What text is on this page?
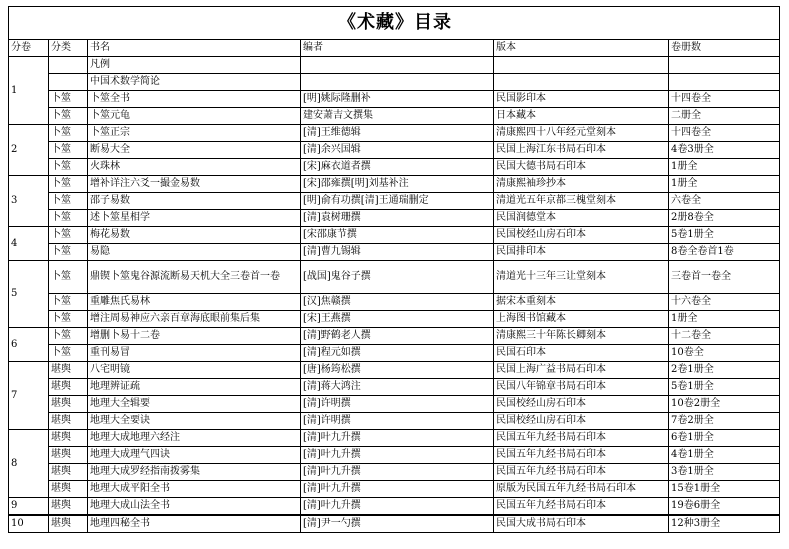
《术藏》目录					
分卷	分类	书名	编者	版本	卷册数
1		凡例			
		中国术数学简论			
	卜筮	卜筮全书	[明]姚际隆删补	民国影印本	十四卷全
	卜筮	卜筮元龟	建安萧吉文撰集	日本藏本	二册全
2	卜筮	卜筮正宗	[清]王维德辑	清康熙四十八年经元堂刻本	十四卷全
	卜筮	断易大全	[清]余兴国辑	民国上海江东书局石印本	4卷3册全
	卜筮	火珠林	[宋]麻衣道者撰	民国大德书局石印本	1册全
3	卜筮	增补详注六爻一撮金易数	[宋]邵雍撰[明]刘基补注	清康熙袖珍抄本	1册全
	卜筮	邵子易数	[明]俞有功撰[清]王通瑞删定	清道光五年京都三槐堂刻本	六卷全
	卜筮	述卜筮星相学	[清]袁树珊撰	民国润德堂本	2册8卷全
4	卜筮	梅花易数	[宋邵康节撰	民国校经山房石印本	5卷1册全
	卜筮	易隐	[清]曹九锡辑	民国排印本	8卷全卷首1卷
5	卜筮	鼎锲卜筮鬼谷源流断易天机大全三卷首一卷	[战国]鬼谷子撰	清道光十三年三让堂刻本	三卷首一卷全
	卜筮	重雕焦氏易林	[汉]焦赣撰	据宋本重刻本	十六卷全
	卜筮	增注周易神应六亲百章海底眼前集后集	[宋]王燕撰	上海图书馆藏本	1册全
6	卜筮	增删卜易十二卷	[清]野鹤老人撰	清康熙三十年陈长卿刻本	十二卷全
	卜筮	重刊易冒	[清]程元如撰	民国石印本	10卷全
7	堪舆	八宅明镜	[唐]杨筠松撰	民国上海广益书局石印本	2卷1册全
	堪舆	地理辨证疏	[清]蒋大鸿注	民国八年锦章书局石印本	5卷1册全
	堪舆	地理大全辑要	[清]许明撰	民国校经山房石印本	10卷2册全
	堪舆	地理大全要诀	[清]许明撰	民国校经山房石印本	7卷2册全
8	堪舆	地理大成地理六经注	[清]叶九升撰	民国五年九经书局石印本	6卷1册全
	堪舆	地理大成理气四诀	[清]叶九升撰	民国五年九经书局石印本	4卷1册全
	堪舆	地理大成罗经指南拨雾集	[清]叶九升撰	民国五年九经书局石印本	3卷1册全
	堪舆	地理大成平阳全书	[清]叶九升撰	原版为民国五年九经书局石印本	15卷1册全
9	堪舆	地理大成山法全书	[清]叶九升撰	民国五年九经书局石印本	19卷6册全
10	堪舆	地理四秘全书	[清]尹一勺撰	民国大成书局石印本	12种3册全
